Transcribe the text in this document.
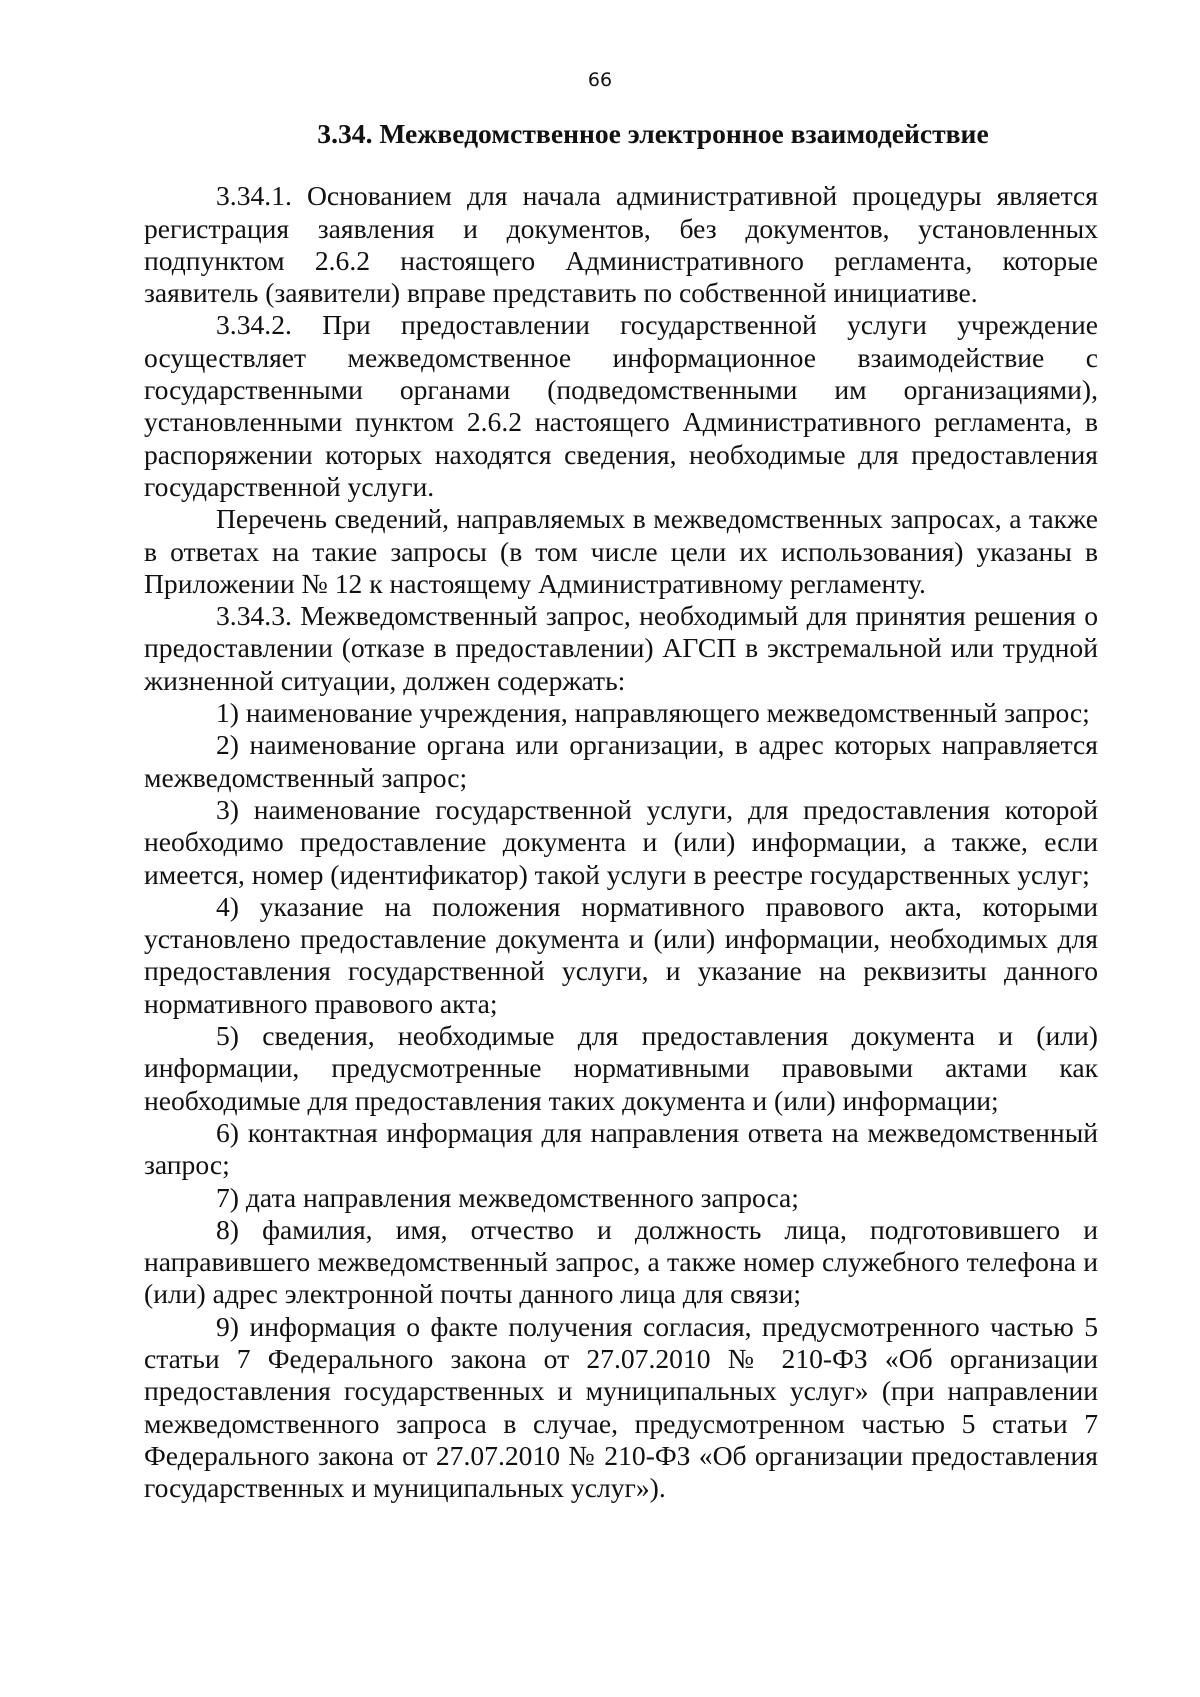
66
3.34. Межведомственное электронное взаимодействие

3.34.1. Основанием для начала административной процедуры является регистрация заявления и документов, без документов, установленных подпунктом 2.6.2 настоящего Административного регламента, которые заявитель (заявители) вправе представить по собственной инициативе.

3.34.2. При предоставлении государственной услуги учреждение осуществляет межведомственное информационное взаимодействие с государственными органами (подведомственными им организациями), установленными пунктом 2.6.2 настоящего Административного регламента, в распоряжении которых находятся сведения, необходимые для предоставления государственной услуги.

Перечень сведений, направляемых в межведомственных запросах, а также в ответах на такие запросы (в том числе цели их использования) указаны в Приложении № 12 к настоящему Административному регламенту.

3.34.3. Межведомственный запрос, необходимый для принятия решения о предоставлении (отказе в предоставлении) АГСП в экстремальной или трудной жизненной ситуации, должен содержать:

1) наименование учреждения, направляющего межведомственный запрос;

2) наименование органа или организации, в адрес которых направляется межведомственный запрос;

3) наименование государственной услуги, для предоставления которой необходимо предоставление документа и (или) информации, а также, если имеется, номер (идентификатор) такой услуги в реестре государственных услуг;

4) указание на положения нормативного правового акта, которыми установлено предоставление документа и (или) информации, необходимых для предоставления государственной услуги, и указание на реквизиты данного нормативного правового акта;

5) сведения, необходимые для предоставления документа и (или) информации, предусмотренные нормативными правовыми актами как необходимые для предоставления таких документа и (или) информации;

6) контактная информация для направления ответа на межведомственный запрос;

7) дата направления межведомственного запроса;

8) фамилия, имя, отчество и должность лица, подготовившего и направившего межведомственный запрос, а также номер служебного телефона и (или) адрес электронной почты данного лица для связи;

9) информация о факте получения согласия, предусмотренного частью 5 статьи 7 Федерального закона от 27.07.2010 № 210-ФЗ «Об организации предоставления государственных и муниципальных услуг» (при направлении межведомственного запроса в случае, предусмотренном частью 5 статьи 7 Федерального закона от 27.07.2010 № 210-ФЗ «Об организации предоставления государственных и муниципальных услуг»).
